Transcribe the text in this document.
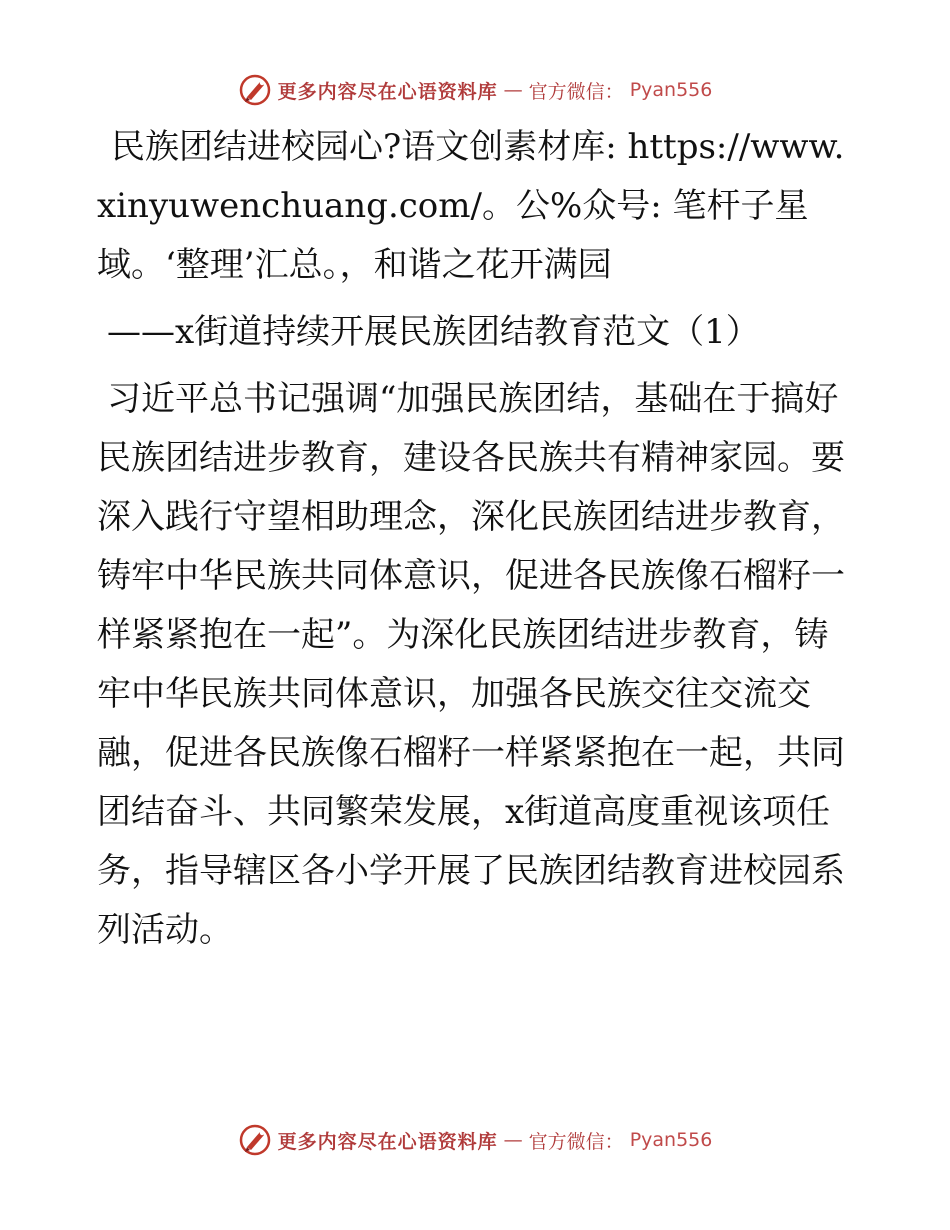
更多内容尽在心语资料库 — 官方微信： Pyan556

民族团结进校园心?语文创素材库: https://www.xinyuwenchuang.com/。公%众号: 笔杆子星域。‘整理’汇总。，和谐之花开满园

——x街道持续开展民族团结教育范文（1）

习近平总书记强调“加强民族团结，基础在于搞好民族团结进步教育，建设各民族共有精神家园。要深入践行守望相助理念，深化民族团结进步教育，铸牢中华民族共同体意识，促进各民族像石榴籽一样紧紧抱在一起”。为深化民族团结进步教育，铸牢中华民族共同体意识，加强各民族交往交流交融，促进各民族像石榴籽一样紧紧抱在一起，共同团结奋斗、共同繁荣发展，x街道高度重视该项任务，指导辖区各小学开展了民族团结教育进校园系列活动。

更多内容尽在心语资料库 — 官方微信： Pyan556
